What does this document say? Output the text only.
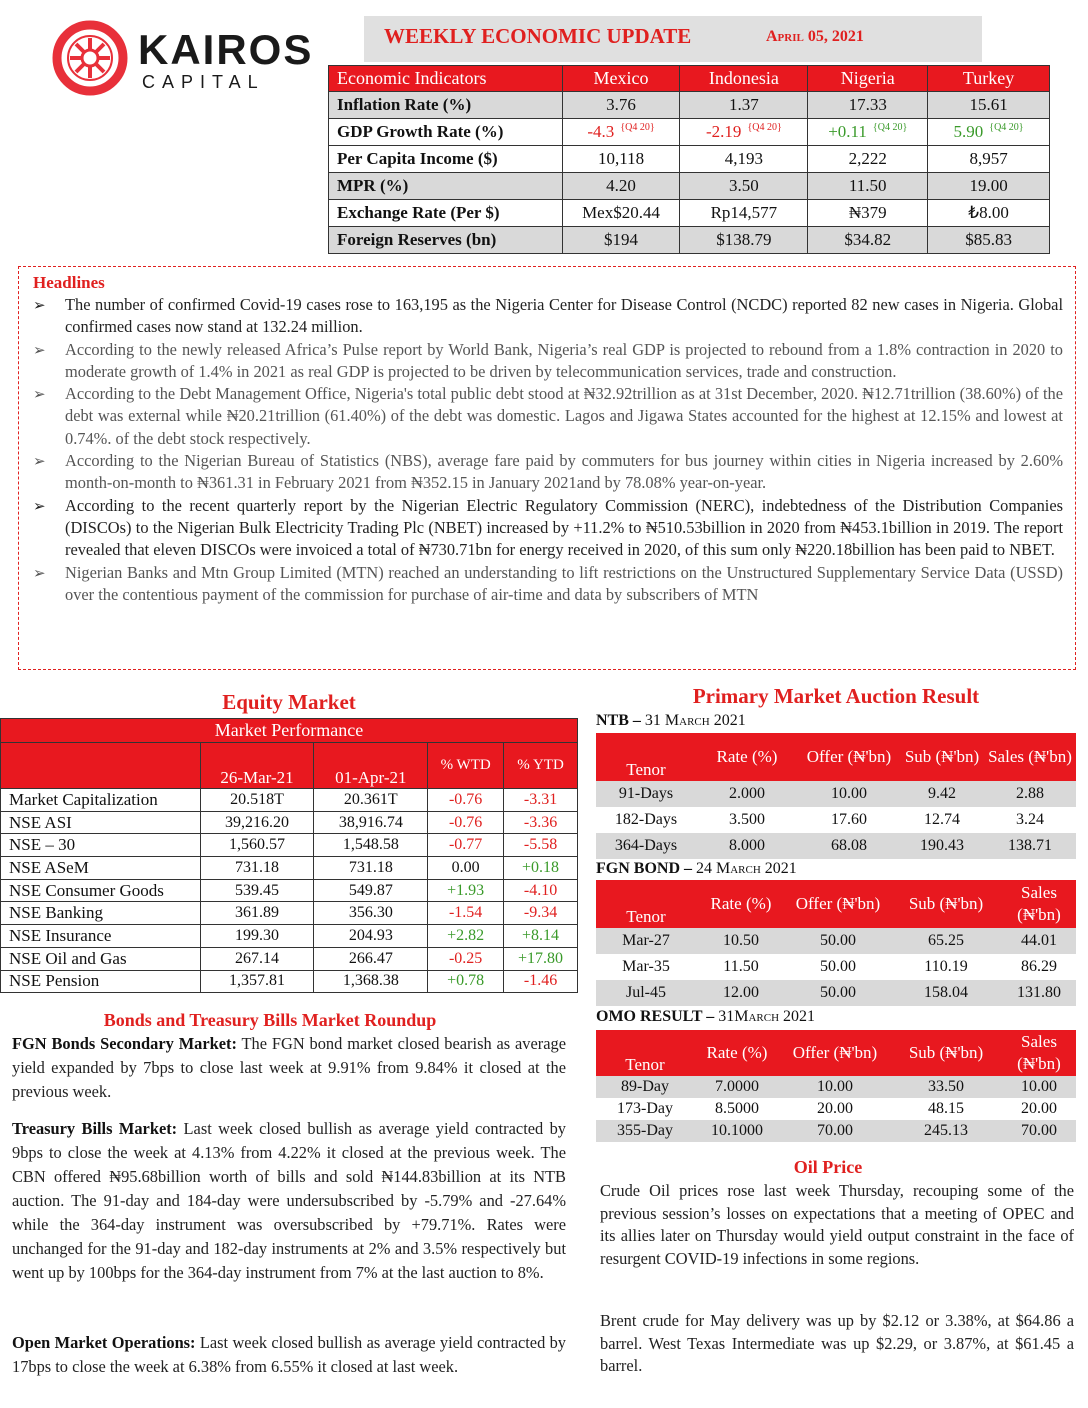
KAIROS
CAPITAL
WEEKLY ECONOMIC UPDATE	April 05, 2021
Economic Indicators	Mexico	Indonesia	Nigeria	Turkey
Inflation Rate (%)	3.76	1.37	17.33	15.61
GDP Growth Rate (%)	-4.3 $^{\{Q4 20\}}$	-2.19 $^{\{Q4 20\}}$	+0.11 $^{\{Q4 20\}}$	5.90 $^{\{Q4 20\}}$
Per Capita Income ($)	10,118	4,193	2,222	8,957
MPR (%)	4.20	3.50	11.50	19.00
Exchange Rate (Per $)	Mex$20.44	Rp14,577	₦379	₺8.00
Foreign Reserves (bn)	$194	$138.79	$34.82	$85.83
Headlines
➢ The number of confirmed Covid-19 cases rose to 163,195 as the Nigeria Center for Disease Control (NCDC) reported 82 new cases in Nigeria. Global confirmed cases now stand at 132.24 million.
➢ According to the newly released Africa’s Pulse report by World Bank, Nigeria’s real GDP is projected to rebound from a 1.8% contraction in 2020 to moderate growth of 1.4% in 2021 as real GDP is projected to be driven by telecommunication services, trade and construction.
➢ According to the Debt Management Office, Nigeria's total public debt stood at ₦32.92trillion as at 31st December, 2020. ₦12.71trillion (38.60%) of the debt was external while ₦20.21trillion (61.40%) of the debt was domestic. Lagos and Jigawa States accounted for the highest at 12.15% and lowest at 0.74%. of the debt stock respectively.
➢ According to the Nigerian Bureau of Statistics (NBS), average fare paid by commuters for bus journey within cities in Nigeria increased by 2.60% month-on-month to ₦361.31 in February 2021 from ₦352.15 in January 2021and by 78.08% year-on-year.
➢ According to the recent quarterly report by the Nigerian Electric Regulatory Commission (NERC), indebtedness of the Distribution Companies (DISCOs) to the Nigerian Bulk Electricity Trading Plc (NBET) increased by +11.2% to ₦510.53billion in 2020 from ₦453.1billion in 2019. The report revealed that eleven DISCOs were invoiced a total of ₦730.71bn for energy received in 2020, of this sum only ₦220.18billion has been paid to NBET.
➢ Nigerian Banks and Mtn Group Limited (MTN) reached an understanding to lift restrictions on the Unstructured Supplementary Service Data (USSD) over the contentious payment of the commission for purchase of air-time and data by subscribers of MTN
Equity Market
Market Performance				
	26-Mar-21	01-Apr-21	% WTD	% YTD
Market Capitalization	20.518T	20.361T	-0.76	-3.31
NSE ASI	39,216.20	38,916.74	-0.76	-3.36
NSE – 30	1,560.57	1,548.58	-0.77	-5.58
NSE ASeM	731.18	731.18	0.00	+0.18
NSE Consumer Goods	539.45	549.87	+1.93	-4.10
NSE Banking	361.89	356.30	-1.54	-9.34
NSE Insurance	199.30	204.93	+2.82	+8.14
NSE Oil and Gas	267.14	266.47	-0.25	+17.80
NSE Pension	1,357.81	1,368.38	+0.78	-1.46
Bonds and Treasury Bills Market Roundup
FGN Bonds Secondary Market: The FGN bond market closed bearish as average yield expanded by 7bps to close last week at 9.91% from 9.84% it closed at the previous week.
Treasury Bills Market: Last week closed bullish as average yield contracted by 9bps to close the week at 4.13% from 4.22% it closed at the previous week. The CBN offered ₦95.68billion worth of bills and sold ₦144.83billion at its NTB auction. The 91-day and 184-day were undersubscribed by -5.79% and -27.64% while the 364-day instrument was oversubscribed by +79.71%. Rates were unchanged for the 91-day and 182-day instruments at 2% and 3.5% respectively but went up by 100bps for the 364-day instrument from 7% at the last auction to 8%.
Open Market Operations: Last week closed bullish as average yield contracted by 17bps to close the week at 6.38% from 6.55% it closed at last week.
Primary Market Auction Result
NTB – 31 March 2021
Tenor	Rate (%)	Offer (₦'bn)	Sub (₦'bn)	Sales (₦'bn)
91-Days	2.000	10.00	9.42	2.88
182-Days	3.500	17.60	12.74	3.24
364-Days	8.000	68.08	190.43	138.71
FGN BOND – 24 March 2021
Tenor	Rate (%)	Offer (₦'bn)	Sub (₦'bn)	Sales (₦'bn)
Mar-27	10.50	50.00	65.25	44.01
Mar-35	11.50	50.00	110.19	86.29
Jul-45	12.00	50.00	158.04	131.80
OMO RESULT – 31March 2021
Tenor	Rate (%)	Offer (₦'bn)	Sub (₦'bn)	Sales (₦'bn)
89-Day	7.0000	10.00	33.50	10.00
173-Day	8.5000	20.00	48.15	20.00
355-Day	10.1000	70.00	245.13	70.00
Oil Price
Crude Oil prices rose last week Thursday, recouping some of the previous session’s losses on expectations that a meeting of OPEC and its allies later on Thursday would yield output constraint in the face of resurgent COVID-19 infections in some regions.
Brent crude for May delivery was up by $2.12 or 3.38%, at $64.86 a barrel. West Texas Intermediate was up $2.29, or 3.87%, at $61.45 a barrel.
